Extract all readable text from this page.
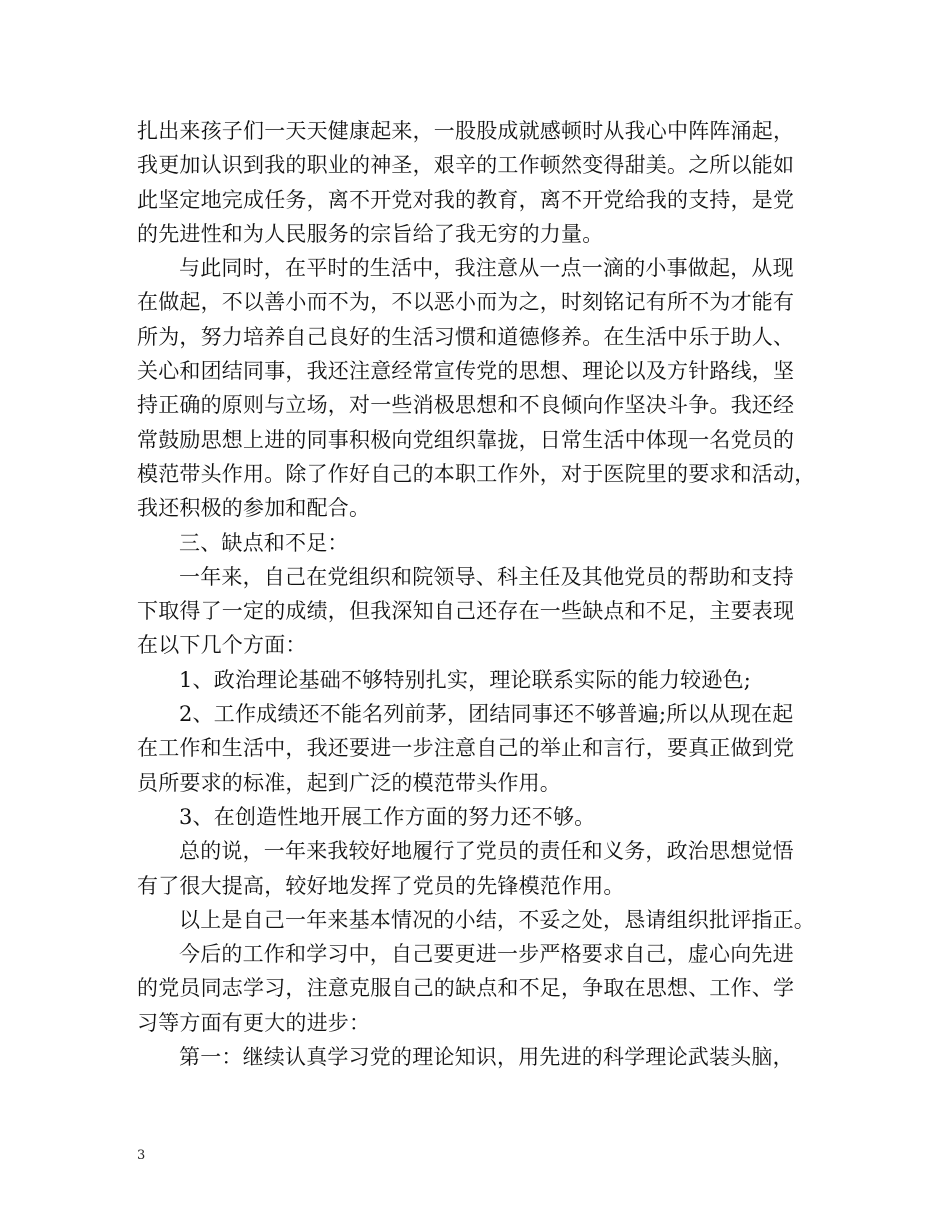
扎出来孩子们一天天健康起来，一股股成就感顿时从我心中阵阵涌起，
我更加认识到我的职业的神圣，艰辛的工作顿然变得甜美。之所以能如
此坚定地完成任务，离不开党对我的教育，离不开党给我的支持，是党
的先进性和为人民服务的宗旨给了我无穷的力量。
与此同时，在平时的生活中，我注意从一点一滴的小事做起，从现
在做起，不以善小而不为，不以恶小而为之，时刻铭记有所不为才能有
所为，努力培养自己良好的生活习惯和道德修养。在生活中乐于助人、
关心和团结同事，我还注意经常宣传党的思想、理论以及方针路线，坚
持正确的原则与立场，对一些消极思想和不良倾向作坚决斗争。我还经
常鼓励思想上进的同事积极向党组织靠拢，日常生活中体现一名党员的
模范带头作用。除了作好自己的本职工作外，对于医院里的要求和活动，
我还积极的参加和配合。
三、缺点和不足：
一年来，自己在党组织和院领导、科主任及其他党员的帮助和支持
下取得了一定的成绩，但我深知自己还存在一些缺点和不足，主要表现
在以下几个方面：
1、政治理论基础不够特别扎实，理论联系实际的能力较逊色;
2、工作成绩还不能名列前茅，团结同事还不够普遍;所以从现在起
在工作和生活中，我还要进一步注意自己的举止和言行，要真正做到党
员所要求的标准，起到广泛的模范带头作用。
3、在创造性地开展工作方面的努力还不够。
总的说，一年来我较好地履行了党员的责任和义务，政治思想觉悟
有了很大提高，较好地发挥了党员的先锋模范作用。
以上是自己一年来基本情况的小结，不妥之处，恳请组织批评指正。
今后的工作和学习中，自己要更进一步严格要求自己，虚心向先进
的党员同志学习，注意克服自己的缺点和不足，争取在思想、工作、学
习等方面有更大的进步：
第一：继续认真学习党的理论知识，用先进的科学理论武装头脑，
3
